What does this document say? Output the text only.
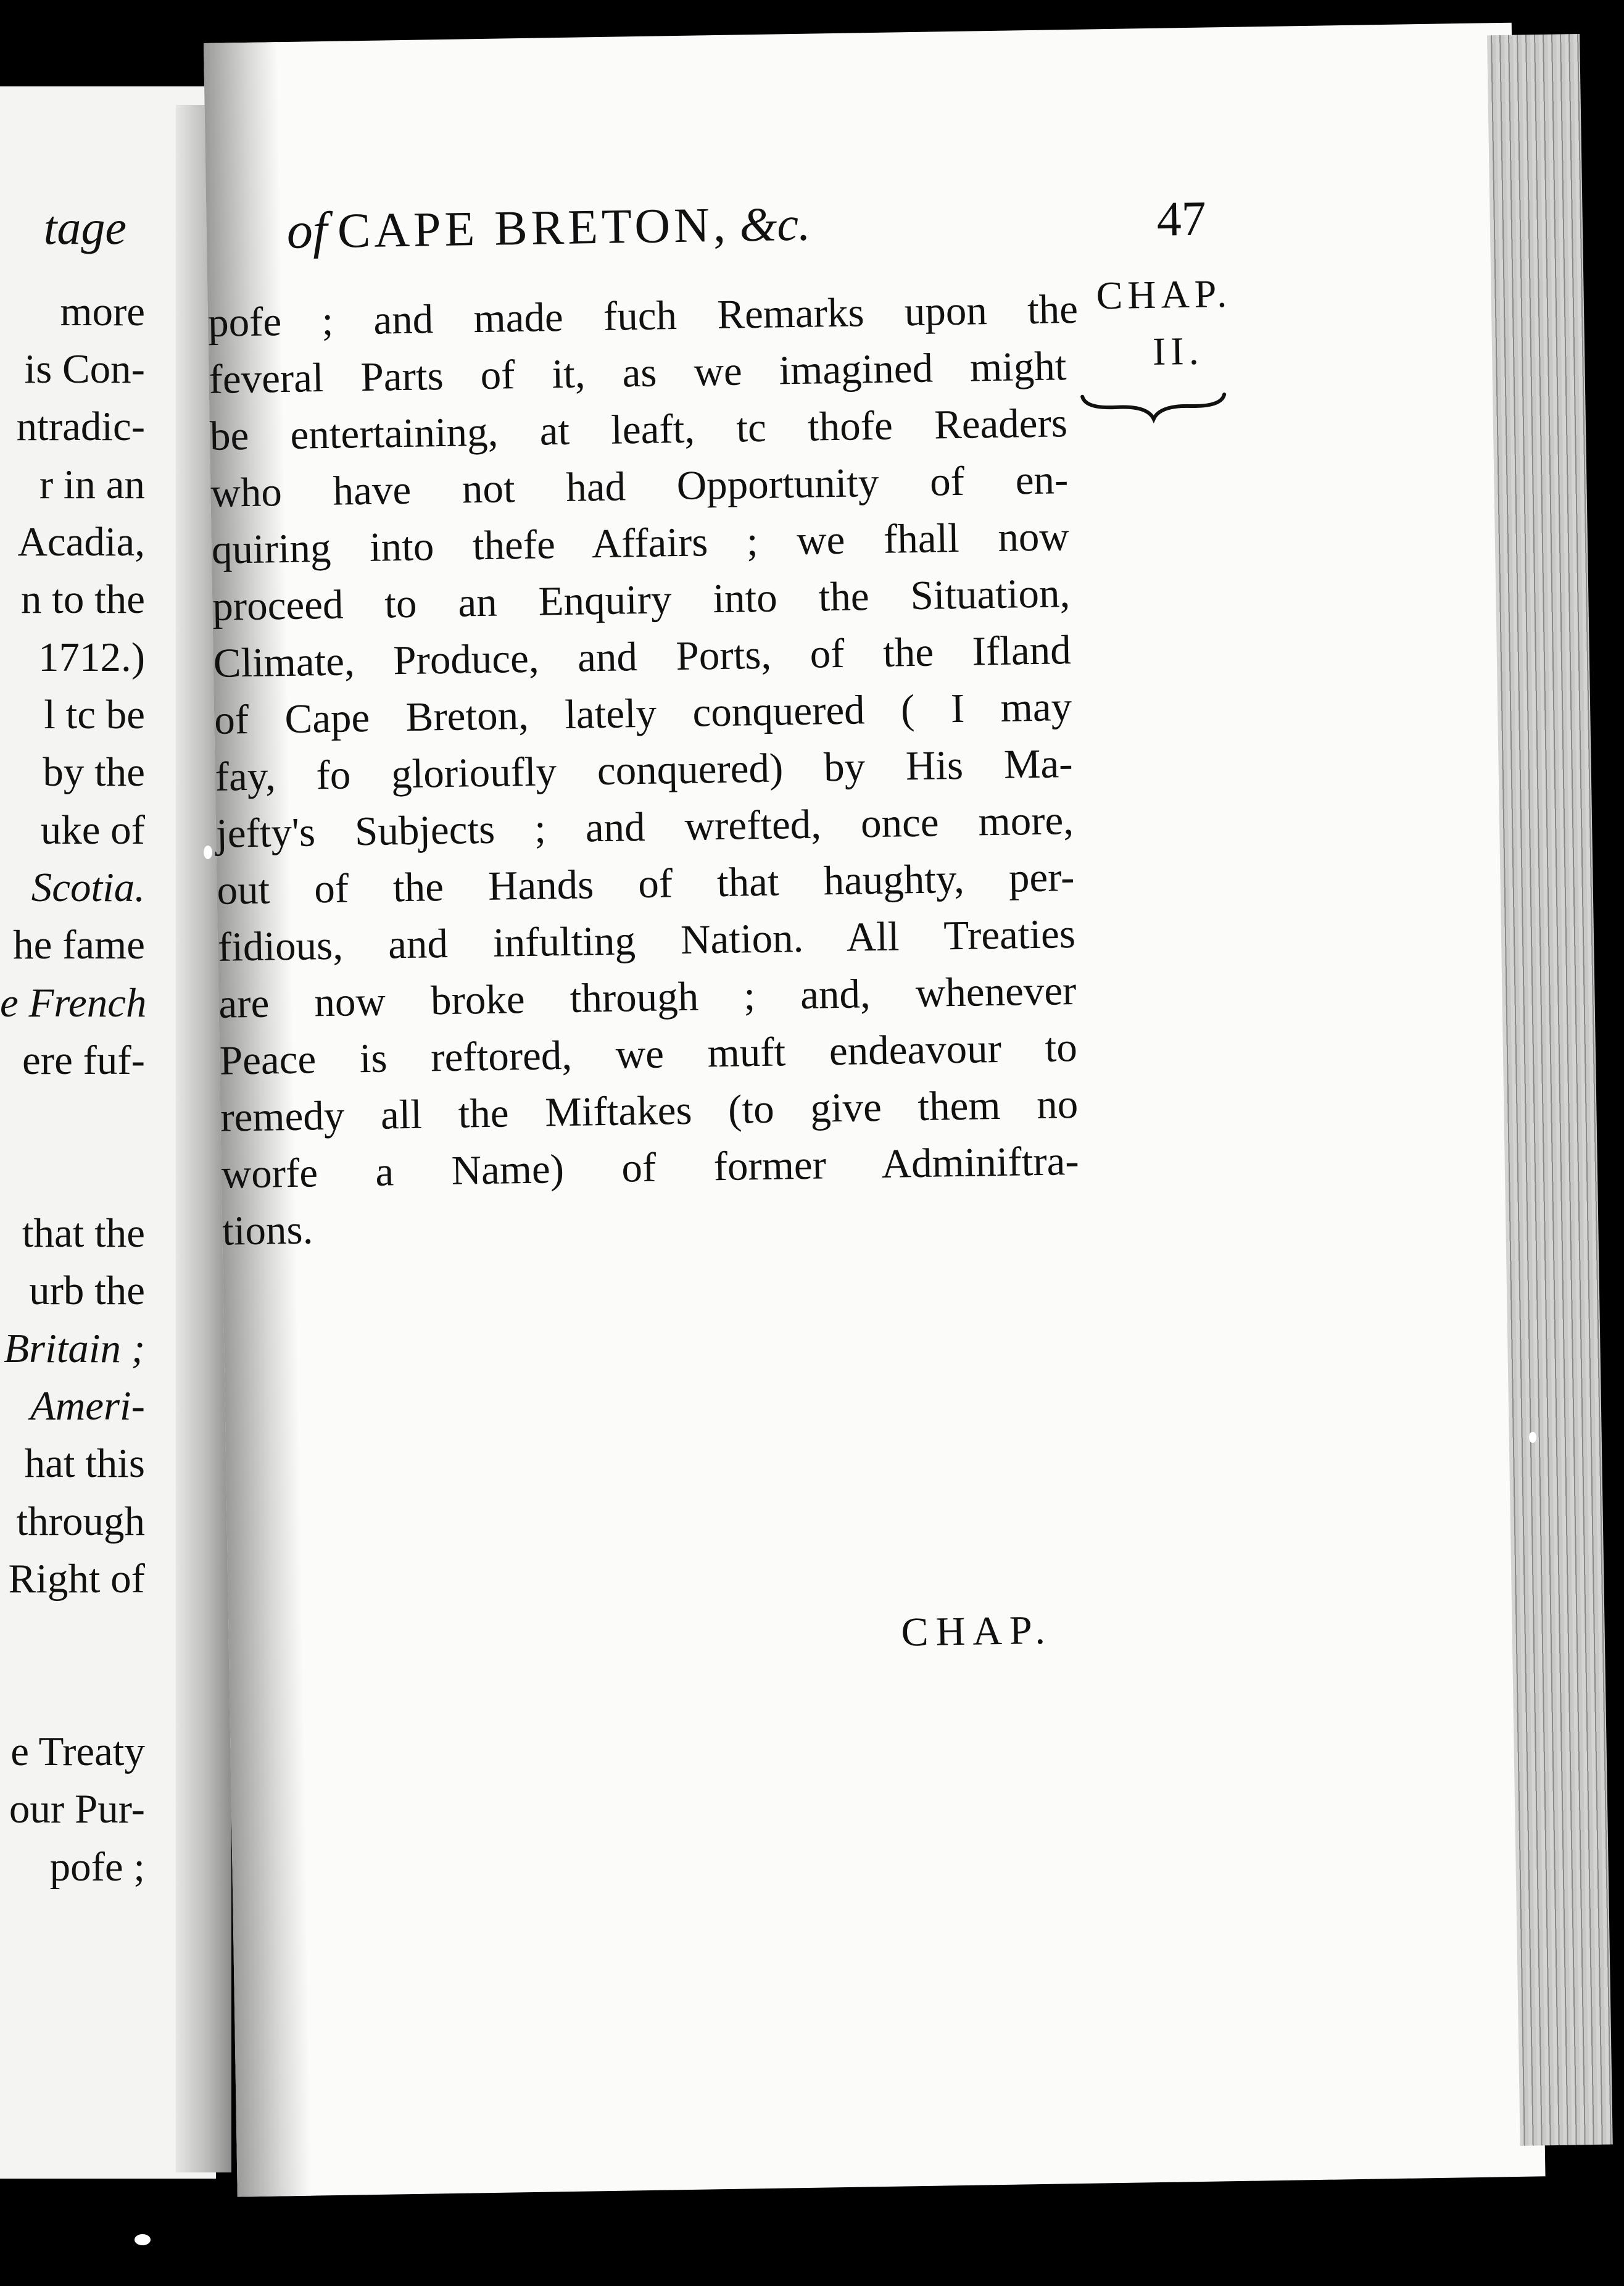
tage
more
is Con-
ntradic-
r in an
Acadia,
n to the
1712.)
l tc be
by the
uke of
Scotia.
he fame
e French
ere fuf-
that the
urb the
Britain ;
Ameri-
hat this
through
Right of
e Treaty
our Pur-
pofe ;
of CAPE BRETON, &c.	47
CHAP.
II.
pofe ; and made fuch Remarks upon the
feveral Parts of it, as we imagined might
be entertaining, at leaft, tc thofe Readers
who have not had Opportunity of en-
quiring into thefe Affairs ; we fhall now
proceed to an Enquiry into the Situation,
Climate, Produce, and Ports, of the Ifland
of Cape Breton, lately conquered ( I may
fay, fo glorioufly conquered) by His Ma-
jefty's Subjects ; and wrefted, once more,
out of the Hands of that haughty, per-
fidious, and infulting Nation. All Treaties
are now broke through ; and, whenever
Peace is reftored, we muft endeavour to
remedy all the Miftakes (to give them no
worfe a Name) of former Adminiftra-
tions.
CHAP.
